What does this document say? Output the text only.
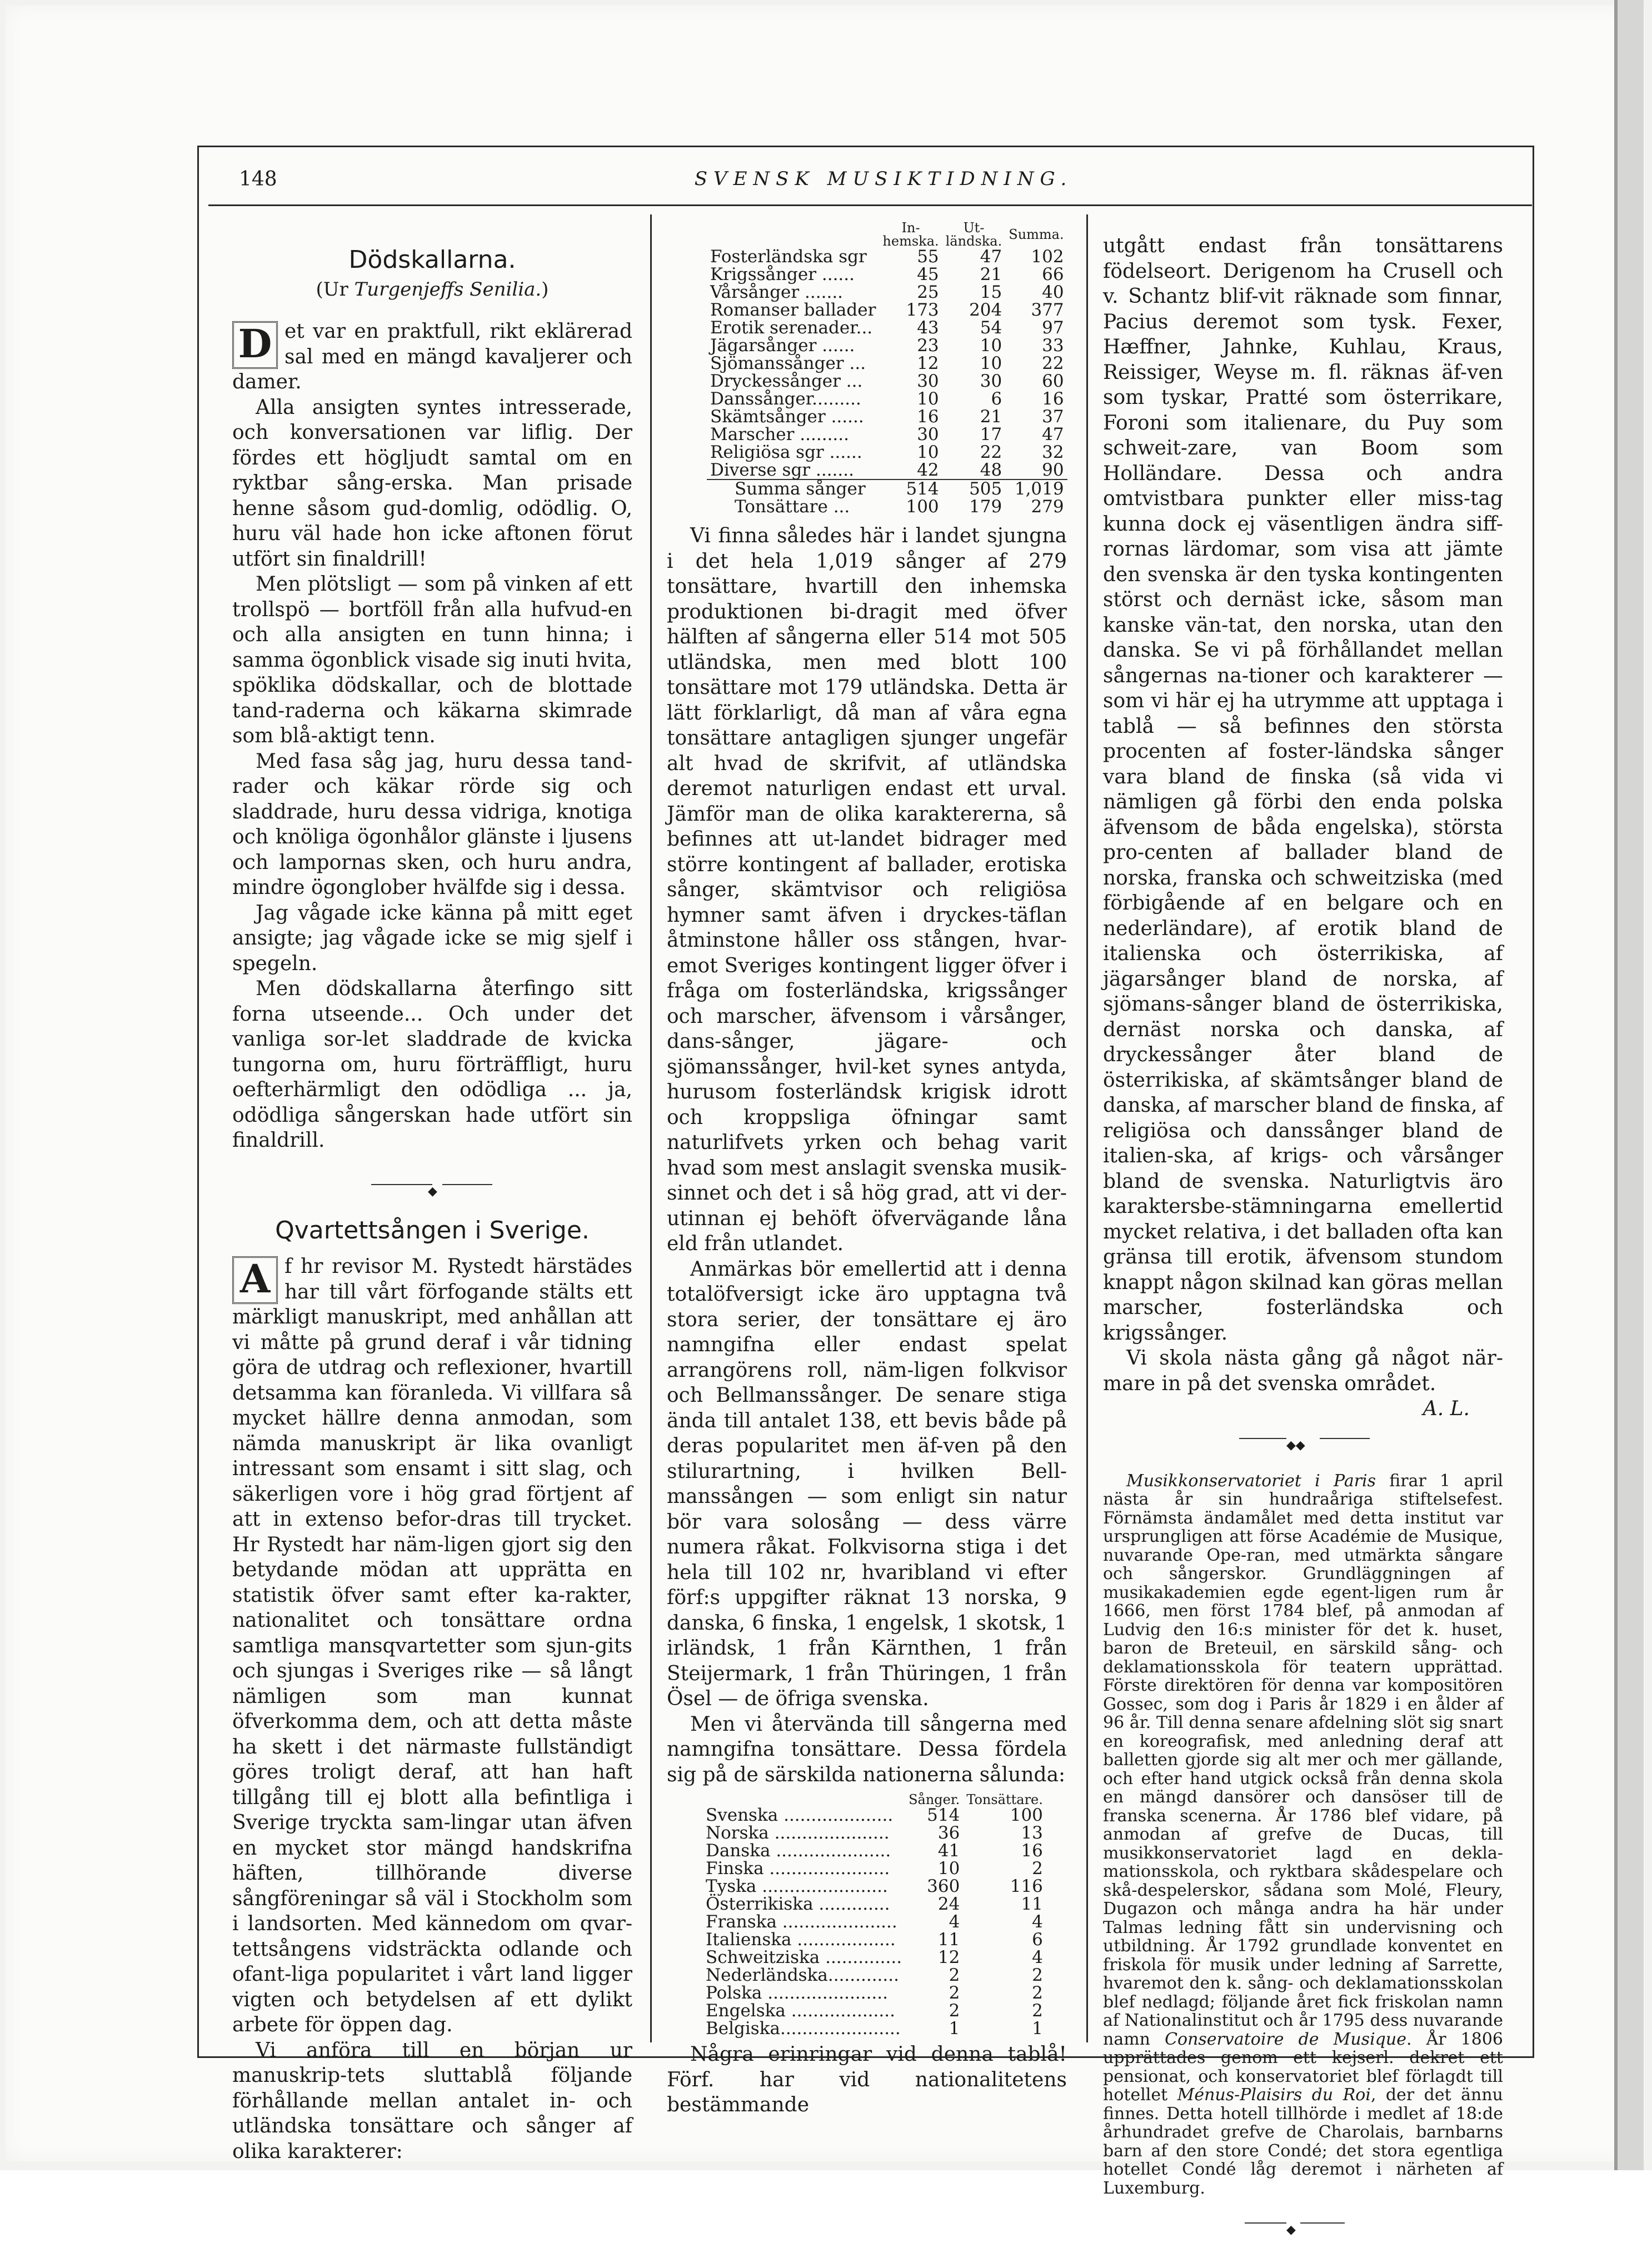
148	SVENSK MUSIKTIDNING.
Dödskallarna.
(Ur Turgenjeffs Senilia.)

D et var en praktfull, rikt eklärerad sal med en mängd kavaljerer och damer.

Alla ansigten syntes intresserade, och konversationen var liflig. Der fördes ett högljudt samtal om en ryktbar sång-erska. Man prisade henne såsom gud-domlig, odödlig. O, huru väl hade hon icke aftonen förut utfört sin finaldrill!

Men plötsligt — som på vinken af ett trollspö — bortföll från alla hufvud-en och alla ansigten en tunn hinna; i samma ögonblick visade sig inuti hvita, spöklika dödskallar, och de blottade tand-raderna och käkarna skimrade som blå-aktigt tenn.

Med fasa såg jag, huru dessa tand-rader och käkar rörde sig och sladdrade, huru dessa vidriga, knotiga och knöliga ögonhålor glänste i ljusens och lampornas sken, och huru andra, mindre ögonglober hvälfde sig i dessa.

Jag vågade icke känna på mitt eget ansigte; jag vågade icke se mig sjelf i spegeln.

Men dödskallarna återfingo sitt forna utseende... Och under det vanliga sor-let sladdrade de kvicka tungorna om, huru förträffligt, huru oefterhärmligt den odödliga ... ja, odödliga sångerskan hade utfört sin finaldrill.

◆
Qvartettsången i Sverige.

A f hr revisor M. Rystedt härstädes har till vårt förfogande stälts ett märkligt manuskript, med anhållan att vi måtte på grund deraf i vår tidning göra de utdrag och reflexioner, hvartill detsamma kan föranleda. Vi villfara så mycket hällre denna anmodan, som nämda manuskript är lika ovanligt intressant som ensamt i sitt slag, och säkerligen vore i hög grad förtjent af att in extenso befor-dras till trycket. Hr Rystedt har näm-ligen gjort sig den betydande mödan att upprätta en statistik öfver samt efter ka-rakter, nationalitet och tonsättare ordna samtliga mansqvartetter som sjun-gits och sjungas i Sveriges rike — så långt nämligen som man kunnat öfverkomma dem, och att detta måste ha skett i det närmaste fullständigt göres troligt deraf, att han haft tillgång till ej blott alla befintliga i Sverige tryckta sam-lingar utan äfven en mycket stor mängd handskrifna häften, tillhörande diverse sångföreningar så väl i Stockholm som i landsorten. Med kännedom om qvar-tettsångens vidsträckta odlande och ofant-liga popularitet i vårt land ligger vigten och betydelsen af ett dylikt arbete för öppen dag.

Vi anföra till en början ur manuskrip-tets sluttablå följande förhållande mellan antalet in- och utländska tonsättare och sånger af olika karakterer:

	In-hemska.	Ut-ländska.	Summa.
Fosterländska sgr	55	47	102
Krigssånger ......	45	21	66
Vårsånger .......	25	15	40
Romanser ballader	173	204	377
Erotik serenader...	43	54	97
Jägarsånger ......	23	10	33
Sjömanssånger ...	12	10	22
Dryckessånger ...	30	30	60
Danssånger.........	10	6	16
Skämtsånger ......	16	21	37
Marscher .........	30	17	47
Religiösa sgr ......	10	22	32
Diverse sgr .......	42	48	90
Summa sånger	514	505	1,019
Tonsättare ...	100	179	279

Vi finna således här i landet sjungna i det hela 1,019 sånger af 279 tonsättare, hvartill den inhemska produktionen bi-dragit med öfver hälften af sångerna eller 514 mot 505 utländska, men med blott 100 tonsättare mot 179 utländska. Detta är lätt förklarligt, då man af våra egna tonsättare antagligen sjunger ungefär alt hvad de skrifvit, af utländska deremot naturligen endast ett urval. Jämför man de olika karaktererna, så befinnes att ut-landet bidrager med större kontingent af ballader, erotiska sånger, skämtvisor och religiösa hymner samt äfven i dryckes-täflan åtminstone håller oss stången, hvar-emot Sveriges kontingent ligger öfver i fråga om fosterländska, krigssånger och marscher, äfvensom i vårsånger, dans-sånger, jägare- och sjömanssånger, hvil-ket synes antyda, hurusom fosterländsk krigisk idrott och kroppsliga öfningar samt naturlifvets yrken och behag varit hvad som mest anslagit svenska musik-sinnet och det i så hög grad, att vi der-utinnan ej behöft öfvervägande låna eld från utlandet.

Anmärkas bör emellertid att i denna totalöfversigt icke äro upptagna två stora serier, der tonsättare ej äro namngifna eller endast spelat arrangörens roll, näm-ligen folkvisor och Bellmanssånger. De senare stiga ända till antalet 138, ett bevis både på deras popularitet men äf-ven på den stilurartning, i hvilken Bell-manssången — som enligt sin natur bör vara solosång — dess värre numera råkat. Folkvisorna stiga i det hela till 102 nr, hvaribland vi efter förf:s uppgifter räknat 13 norska, 9 danska, 6 finska, 1 engelsk, 1 skotsk, 1 irländsk, 1 från Kärnthen, 1 från Steijermark, 1 från Thüringen, 1 från Ösel — de öfriga svenska.

Men vi återvända till sångerna med namngifna tonsättare. Dessa fördela sig på de särskilda nationerna sålunda:

	Sånger.	Tonsättare.
Svenska ....................	514	100
Norska .....................	36	13
Danska .....................	41	16
Finska ......................	10	2
Tyska .......................	360	116
Österrikiska .............	24	11
Franska .....................	4	4
Italienska ..................	11	6
Schweitziska ..............	12	4
Nederländska.............	2	2
Polska ......................	2	2
Engelska ...................	2	2
Belgiska......................	1	1

Några erinringar vid denna tablå! Förf. har vid nationalitetens bestämmande

utgått endast från tonsättarens födelseort. Derigenom ha Crusell och v. Schantz blif-vit räknade som finnar, Pacius deremot som tysk. Fexer, Hæffner, Jahnke, Kuhlau, Kraus, Reissiger, Weyse m. fl. räknas äf-ven som tyskar, Pratté som österrikare, Foroni som italienare, du Puy som schweit-zare, van Boom som Holländare. Dessa och andra omtvistbara punkter eller miss-tag kunna dock ej väsentligen ändra siff-rornas lärdomar, som visa att jämte den svenska är den tyska kontingenten störst och dernäst icke, såsom man kanske vän-tat, den norska, utan den danska. Se vi på förhållandet mellan sångernas na-tioner och karakterer — som vi här ej ha utrymme att upptaga i tablå — så befinnes den största procenten af foster-ländska sånger vara bland de finska (så vida vi nämligen gå förbi den enda polska äfvensom de båda engelska), största pro-centen af ballader bland de norska, franska och schweitziska (med förbigående af en belgare och en nederländare), af erotik bland de italienska och österrikiska, af jägarsånger bland de norska, af sjömans-sånger bland de österrikiska, dernäst norska och danska, af dryckessånger åter bland de österrikiska, af skämtsånger bland de danska, af marscher bland de finska, af religiösa och danssånger bland de italien-ska, af krigs- och vårsånger bland de svenska. Naturligtvis äro karaktersbe-stämningarna emellertid mycket relativa, i det balladen ofta kan gränsa till erotik, äfvensom stundom knappt någon skilnad kan göras mellan marscher, fosterländska och krigssånger.

Vi skola nästa gång gå något när-mare in på det svenska området.

A. L.
◆◆

Musikkonservatoriet i Paris firar 1 april nästa år sin hundraåriga stiftelsefest. Förnämsta ändamålet med detta institut var ursprungligen att förse Académie de Musique, nuvarande Ope-ran, med utmärkta sångare och sångerskor. Grundläggningen af musikakademien egde egent-ligen rum år 1666, men först 1784 blef, på anmodan af Ludvig den 16:s minister för det k. huset, baron de Breteuil, en särskild sång- och deklamationsskola för teatern upprättad. Förste direktören för denna var kompositören Gossec, som dog i Paris år 1829 i en ålder af 96 år. Till denna senare afdelning slöt sig snart en koreografisk, med anledning deraf att balletten gjorde sig alt mer och mer gällande, och efter hand utgick också från denna skola en mängd dansörer och dansöser till de franska scenerna. År 1786 blef vidare, på anmodan af grefve de Ducas, till musikkonservatoriet lagd en dekla-mationsskola, och ryktbara skådespelare och skå-despelerskor, sådana som Molé, Fleury, Dugazon och många andra ha här under Talmas ledning fått sin undervisning och utbildning. År 1792 grundlade konventet en friskola för musik under ledning af Sarrette, hvaremot den k. sång- och deklamationsskolan blef nedlagd; följande året fick friskolan namn af Nationalinstitut och år 1795 dess nuvarande namn Conservatoire de Musique. År 1806 upprättades genom ett kejserl. dekret ett pensionat, och konservatoriet blef förlagdt till hotellet Ménus-Plaisirs du Roi, der det ännu finnes. Detta hotell tillhörde i medlet af 18:de århundradet grefve de Charolais, barnbarns barn af den store Condé; det stora egentliga hotellet Condé låg deremot i närheten af Luxemburg.

◆
